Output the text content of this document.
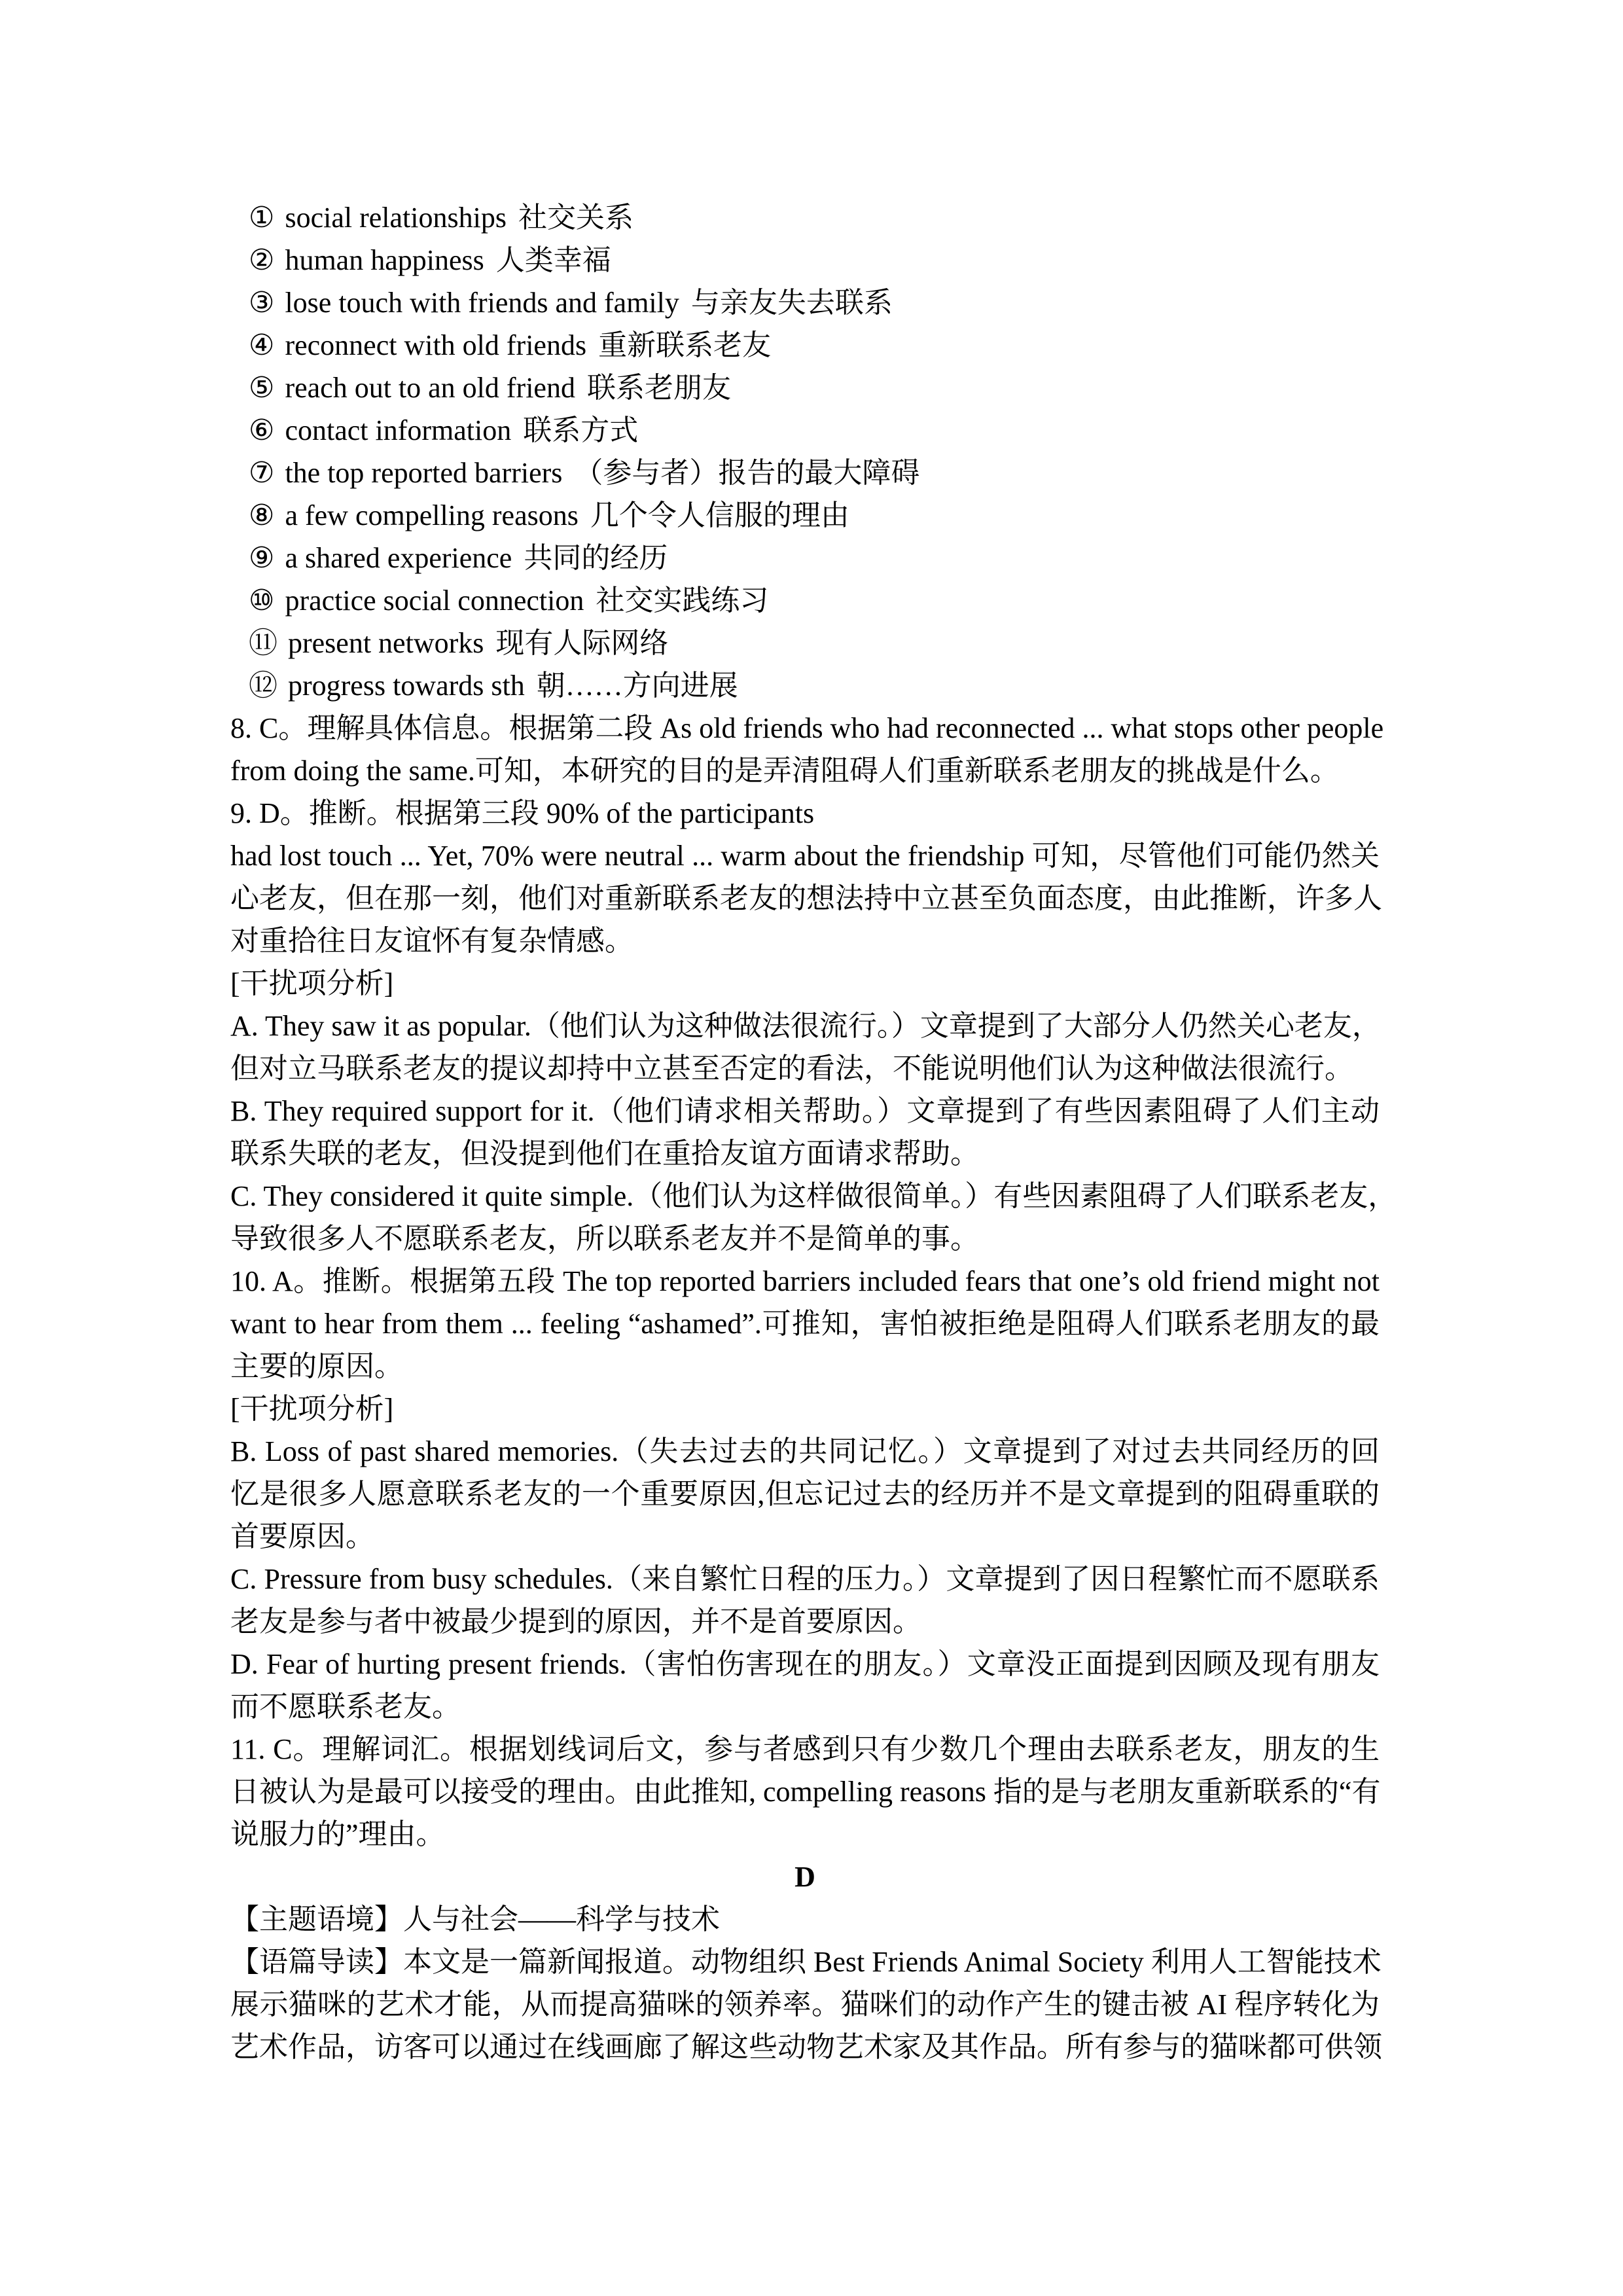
① social relationships 社交关系
② human happiness 人类幸福
③ lose touch with friends and family 与亲友失去联系
④ reconnect with old friends 重新联系老友
⑤ reach out to an old friend 联系老朋友
⑥ contact information 联系方式
⑦ the top reported barriers （参与者）报告的最大障碍
⑧ a few compelling reasons 几个令人信服的理由
⑨ a shared experience 共同的经历
⑩ practice social connection 社交实践练习
⑪ present networks 现有人际网络
⑫ progress towards sth 朝……方向进展
8. C。理解具体信息。根据第二段 As old friends who had reconnected ... what stops other people
from doing the same.可知，本研究的目的是弄清阻碍人们重新联系老朋友的挑战是什么。
9. D。推断。根据第三段 90% of the participants
had lost touch ... Yet, 70% were neutral ... warm about the friendship 可知，尽管他们可能仍然关
心老友，但在那一刻，他们对重新联系老友的想法持中立甚至负面态度，由此推断，许多人
对重拾往日友谊怀有复杂情感。
[干扰项分析]
A. They saw it as popular.（他们认为这种做法很流行。）文章提到了大部分人仍然关心老友，
但对立马联系老友的提议却持中立甚至否定的看法，不能说明他们认为这种做法很流行。
B. They required support for it.（他们请求相关帮助。）文章提到了有些因素阻碍了人们主动
联系失联的老友，但没提到他们在重拾友谊方面请求帮助。
C. They considered it quite simple.（他们认为这样做很简单。）有些因素阻碍了人们联系老友，
导致很多人不愿联系老友，所以联系老友并不是简单的事。
10. A。推断。根据第五段 The top reported barriers included fears that one’s old friend might not
want to hear from them ... feeling “ashamed”.可推知，害怕被拒绝是阻碍人们联系老朋友的最
主要的原因。
[干扰项分析]
B. Loss of past shared memories.（失去过去的共同记忆。）文章提到了对过去共同经历的回
忆是很多人愿意联系老友的一个重要原因,但忘记过去的经历并不是文章提到的阻碍重联的
首要原因。
C. Pressure from busy schedules.（来自繁忙日程的压力。）文章提到了因日程繁忙而不愿联系
老友是参与者中被最少提到的原因，并不是首要原因。
D. Fear of hurting present friends.（害怕伤害现在的朋友。）文章没正面提到因顾及现有朋友
而不愿联系老友。
11. C。理解词汇。根据划线词后文，参与者感到只有少数几个理由去联系老友，朋友的生
日被认为是最可以接受的理由。由此推知, compelling reasons 指的是与老朋友重新联系的“有
说服力的”理由。
D
【主题语境】人与社会——科学与技术
【语篇导读】本文是一篇新闻报道。动物组织 Best Friends Animal Society 利用人工智能技术
展示猫咪的艺术才能，从而提高猫咪的领养率。猫咪们的动作产生的键击被 AI 程序转化为
艺术作品，访客可以通过在线画廊了解这些动物艺术家及其作品。所有参与的猫咪都可供领
